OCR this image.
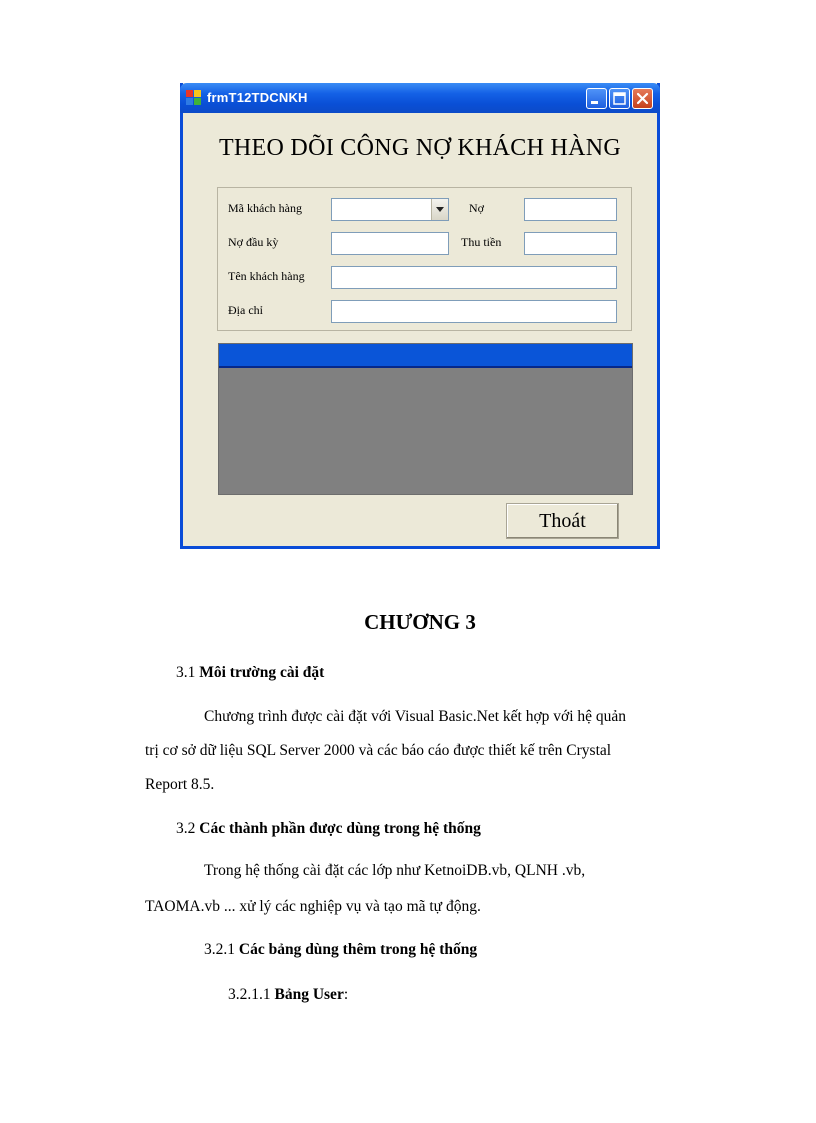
frmT12TDCNKH
THEO DÕI CÔNG NỢ KHÁCH HÀNG
Mã khách hàng	Nợ
Nợ đầu kỳ	Thu tiền
Tên khách hàng
Địa chỉ
Thoát
CHƯƠNG 3
3.1 Môi trường cài đặt
Chương trình được cài đặt với Visual Basic.Net kết hợp với hệ quản
trị cơ sở dữ liệu SQL Server 2000 và các báo cáo được thiết kế trên Crystal
Report 8.5.
3.2 Các thành phần được dùng trong hệ thống
Trong hệ thống cài đặt các lớp như KetnoiDB.vb, QLNH .vb,
TAOMA.vb ... xử lý các nghiệp vụ và tạo mã tự động.
3.2.1 Các bảng dùng thêm trong hệ thống
3.2.1.1 Bảng User:
